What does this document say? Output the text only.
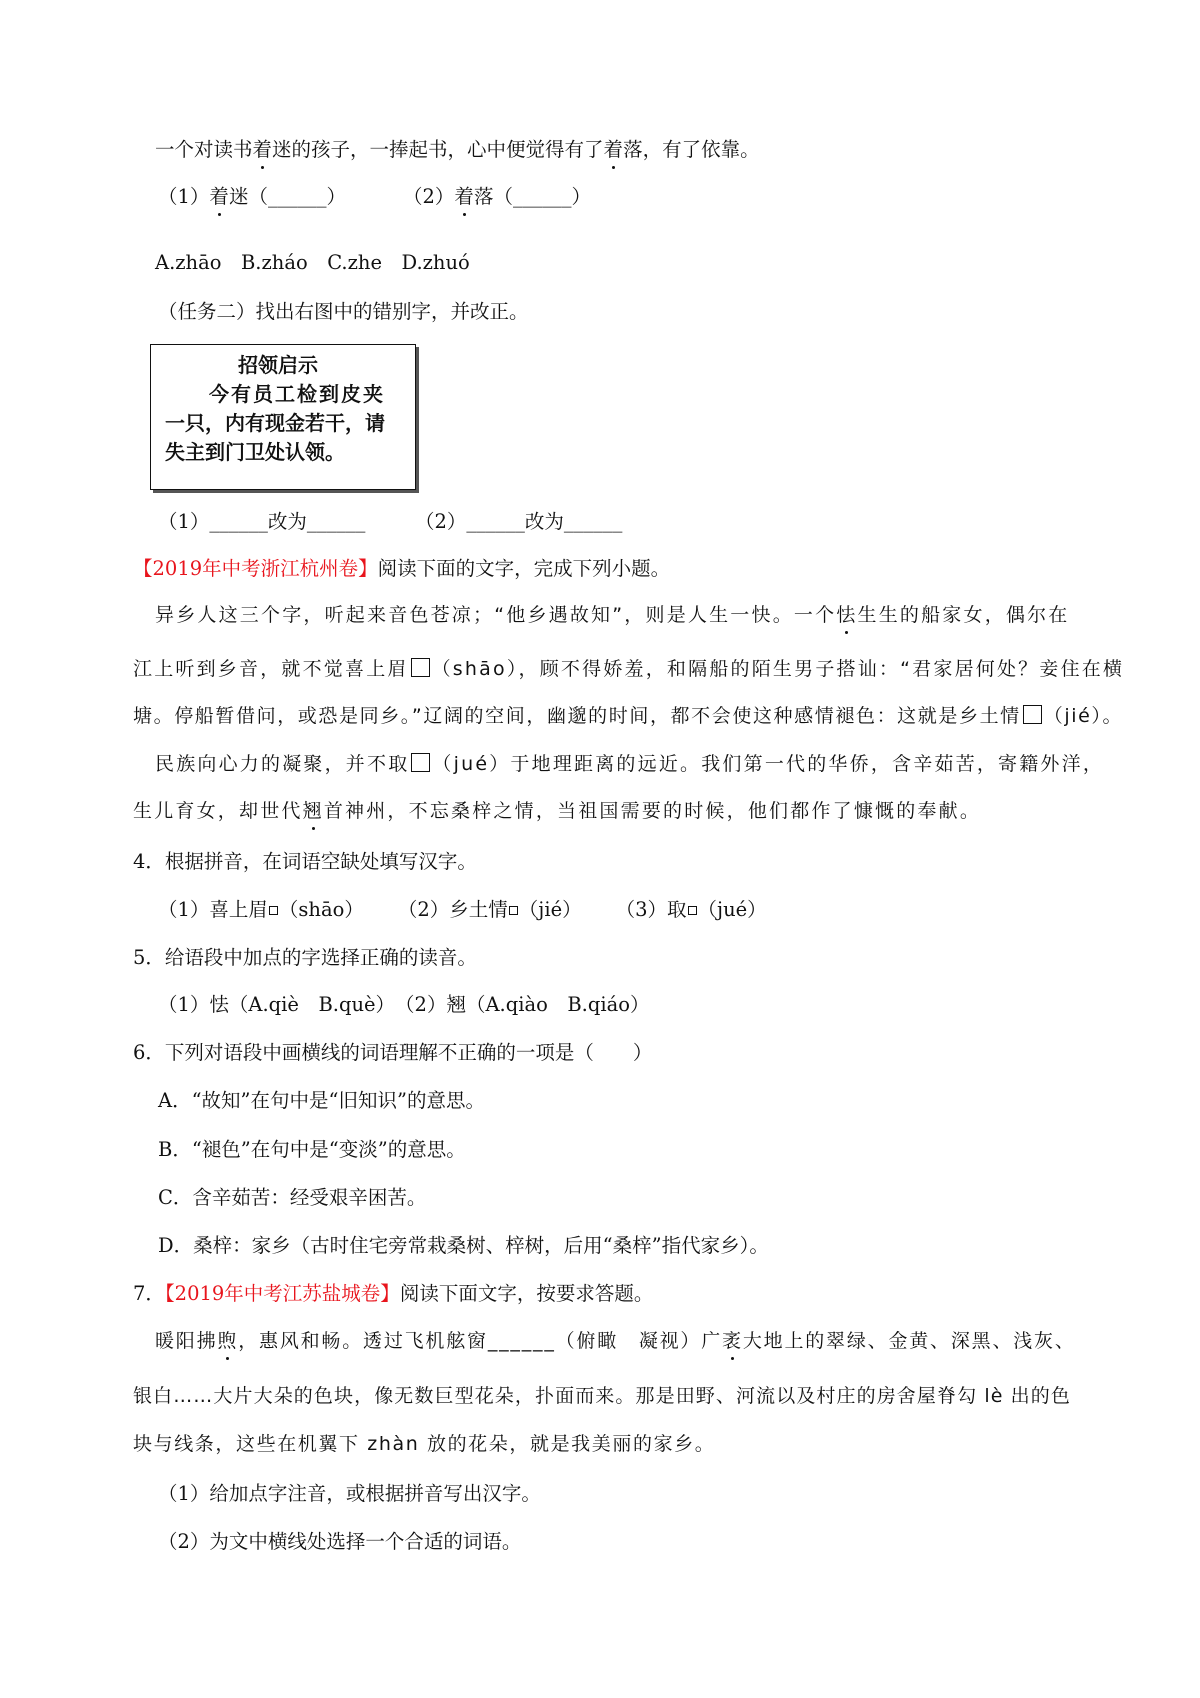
一个对读书着迷的孩子，一捧起书，心中便觉得有了着落，有了依靠。
（1）着迷（______）	（2）着落（______）
A.zhāo　B.zháo　C.zhe　D.zhuó
（任务二）找出右图中的错别字，并改正。
招领启示
今有员工检到皮夹
一只，内有现金若干，请
失主到门卫处认领。
（1）______改为______	（2）______改为______
【2019年中考浙江杭州卷】阅读下面的文字，完成下列小题。
异乡人这三个字，听起来音色苍凉；“他乡遇故知”，则是人生一快。一个怯生生的船家女，偶尔在
江上听到乡音，就不觉喜上眉 （shāo），顾不得娇羞，和隔船的陌生男子搭讪：“君家居何处？妾住在横
塘。停船暂借问，或恐是同乡。”辽阔的空间，幽邈的时间，都不会使这种感情褪色：这就是乡土情 （jié）。
民族向心力的凝聚，并不取 （jué）于地理距离的远近。我们第一代的华侨，含辛茹苦，寄籍外洋，
生儿育女，却世代翘首神州，不忘桑梓之情，当祖国需要的时候，他们都作了慷慨的奉献。
4．根据拼音，在词语空缺处填写汉字。
（1）喜上眉 （shāo） （2）乡土情 （jié） （3）取 （jué）
5．给语段中加点的字选择正确的读音。
（1）怯（A.qiè　B.què）　（2）翘（A.qiào　B.qiáo）
6．下列对语段中画横线的词语理解不正确的一项是（　　）
A．“故知”在句中是“旧知识”的意思。
B．“褪色”在句中是“变淡”的意思。
C．含辛茹苦：经受艰辛困苦。
D．桑梓：家乡（古时住宅旁常栽桑树、梓树，后用“桑梓”指代家乡）。
7．【2019年中考江苏盐城卷】阅读下面文字，按要求答题。
暖阳拂煦，惠风和畅。透过飞机舷窗______（俯瞰　凝视）广袤大地上的翠绿、金黄、深黑、浅灰、
银白……大片大朵的色块，像无数巨型花朵，扑面而来。那是田野、河流以及村庄的房舍屋脊勾 lè 出的色
块与线条，这些在机翼下 zhàn 放的花朵，就是我美丽的家乡。
（1）给加点字注音，或根据拼音写出汉字。
（2）为文中横线处选择一个合适的词语。
